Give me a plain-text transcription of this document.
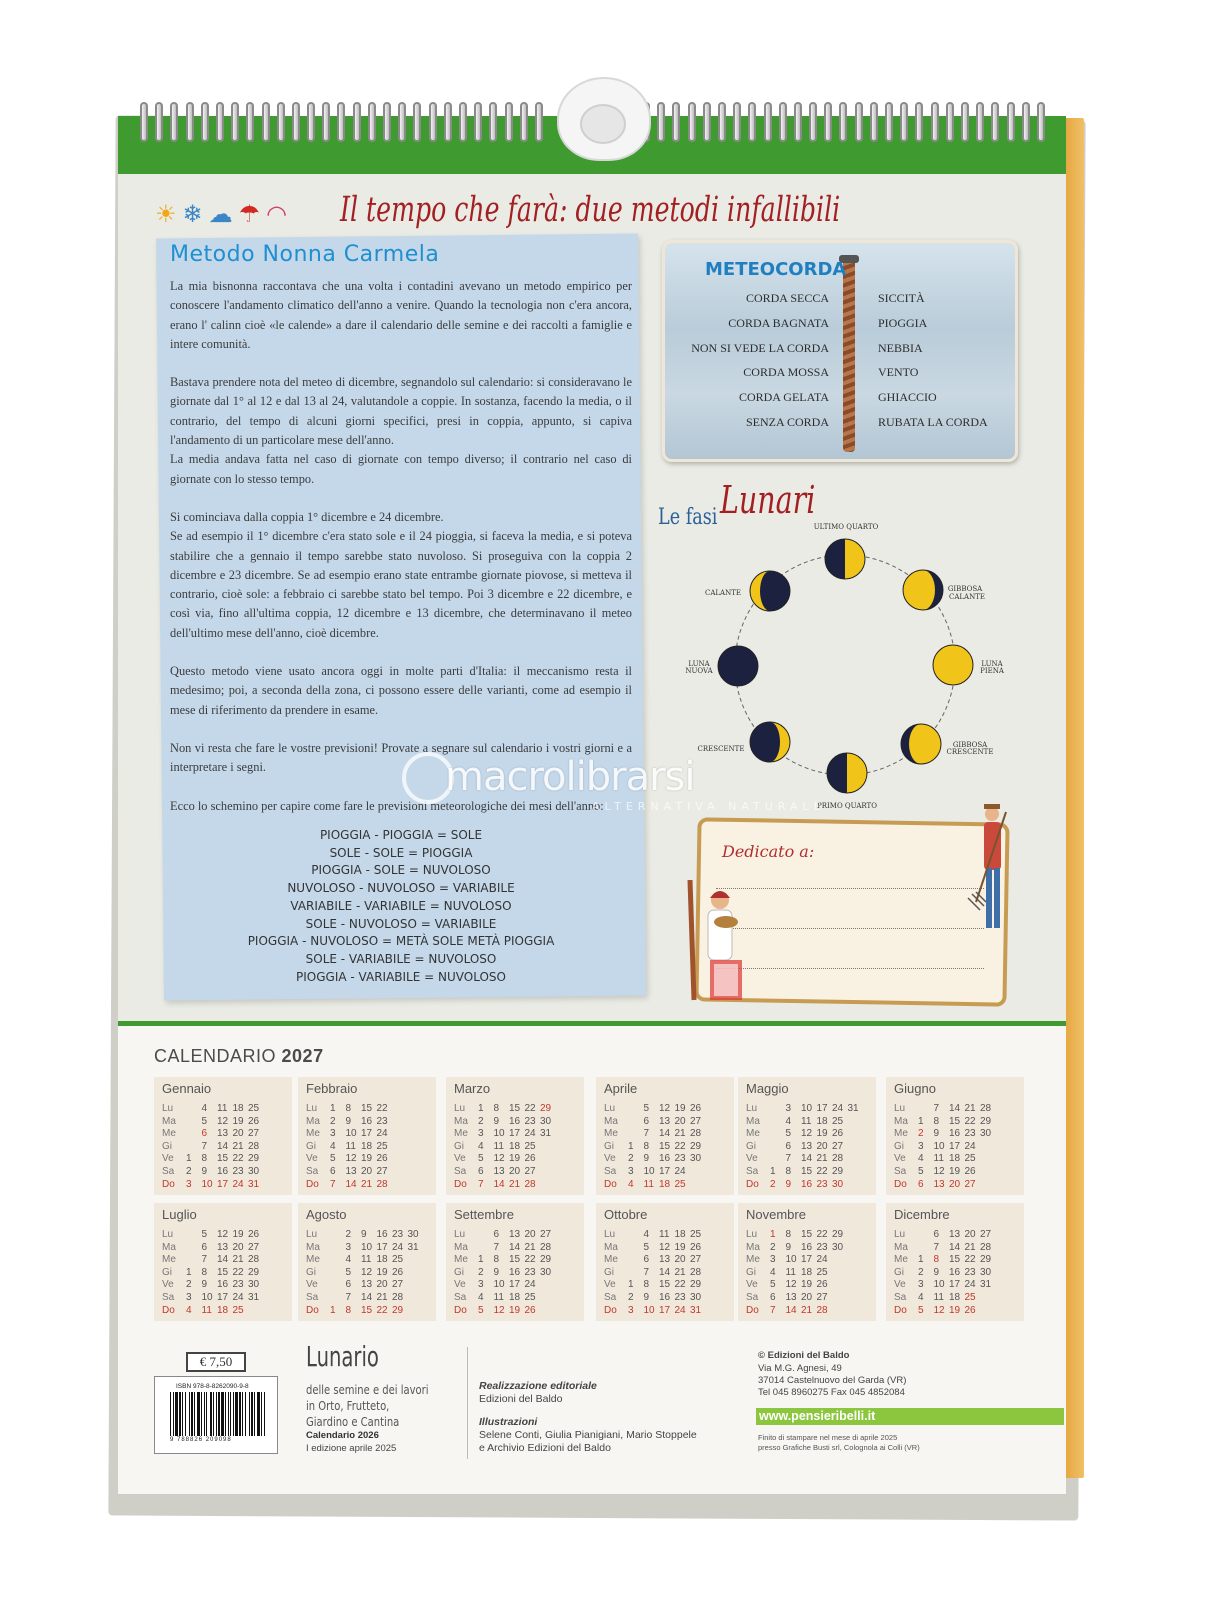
☀ ❄ ☁ ☂ ◠ Il tempo che farà: due metodi infallibili
Metodo Nonna Carmela

La mia bisnonna raccontava che una volta i contadini avevano un metodo empirico per conoscere l'andamento climatico dell'anno a venire. Quando la tecnologia non c'era ancora, erano l' calinn cioè «le calende» a dare il calendario delle semine e dei raccolti a famiglie e intere comunità.

Bastava prendere nota del meteo di dicembre, segnandolo sul calendario: si consideravano le giornate dal 1° al 12 e dal 13 al 24, valutandole a coppie. In sostanza, facendo la media, o il contrario, del tempo di alcuni giorni specifici, presi in coppia, appunto, si capiva l'andamento di un particolare mese dell'anno.

La media andava fatta nel caso di giornate con tempo diverso; il contrario nel caso di giornate con lo stesso tempo.

Si cominciava dalla coppia 1° dicembre e 24 dicembre.

Se ad esempio il 1° dicembre c'era stato sole e il 24 pioggia, si faceva la media, e si poteva stabilire che a gennaio il tempo sarebbe stato nuvoloso. Si proseguiva con la coppia 2 dicembre e 23 dicembre. Se ad esempio erano state entrambe giornate piovose, si metteva il contrario, cioè sole: a febbraio ci sarebbe stato bel tempo. Poi 3 dicembre e 22 dicembre, e così via, fino all'ultima coppia, 12 dicembre e 13 dicembre, che determinavano il meteo dell'ultimo mese dell'anno, cioè dicembre.

Questo metodo viene usato ancora oggi in molte parti d'Italia: il meccanismo resta il medesimo; poi, a seconda della zona, ci possono essere delle varianti, come ad esempio il mese di riferimento da prendere in esame.

Non vi resta che fare le vostre previsioni! Provate a segnare sul calendario i vostri giorni e a interpretare i segni.

Ecco lo schemino per capire come fare le previsioni meteorologiche dei mesi dell'anno:

PIOGGIA - PIOGGIA = SOLE
SOLE - SOLE = PIOGGIA
PIOGGIA - SOLE = NUVOLOSO
NUVOLOSO - NUVOLOSO = VARIABILE
VARIABILE - VARIABILE = NUVOLOSO
SOLE - NUVOLOSO = VARIABILE
PIOGGIA - NUVOLOSO = METÀ SOLE METÀ PIOGGIA
SOLE - VARIABILE = NUVOLOSO
PIOGGIA - VARIABILE = NUVOLOSO
METEOCORDA
CORDA SECCA	SICCITÀ
CORDA BAGNATA	PIOGGIA
NON SI VEDE LA CORDA	NEBBIA
CORDA MOSSA	VENTO
CORDA GELATA	GHIACCIO
SENZA CORDA	RUBATA LA CORDA
Le fasi Lunari
ULTIMO QUARTO
GIBBOSA
CALANTE
LUNA
PIENA
GIBBOSA
CRESCENTE
PRIMO QUARTO
CRESCENTE
LUNA
NUOVA
CALANTE
Dedicato a:
macrolibrarsi
ALTERNATIVA NATURALE
CALENDARIO 2027
Gennaio
Lu	4 11 18 25
Ma	5 12 19 26
Me	6 13 20 27
Gi	7 14 21 28
Ve	1 8 15 22 29
Sa	2 9 16 23 30
Do	3 10 17 24 31
Febbraio
Lu	1 8 15 22
Ma	2 9 16 23
Me	3 10 17 24
Gi	4 11 18 25
Ve	5 12 19 26
Sa	6 13 20 27
Do	7 14 21 28
Marzo
Lu	1 8 15 22 29
Ma	2 9 16 23 30
Me	3 10 17 24 31
Gi	4 11 18 25
Ve	5 12 19 26
Sa	6 13 20 27
Do	7 14 21 28
Aprile
Lu	5 12 19 26
Ma	6 13 20 27
Me	7 14 21 28
Gi	1 8 15 22 29
Ve	2 9 16 23 30
Sa	3 10 17 24
Do	4 11 18 25
Maggio
Lu	3 10 17 24 31
Ma	4 11 18 25
Me	5 12 19 26
Gi	6 13 20 27
Ve	7 14 21 28
Sa	1 8 15 22 29
Do	2 9 16 23 30
Giugno
Lu	7 14 21 28
Ma	1 8 15 22 29
Me	2 9 16 23 30
Gi	3 10 17 24
Ve	4 11 18 25
Sa	5 12 19 26
Do	6 13 20 27
Luglio
Lu	5 12 19 26
Ma	6 13 20 27
Me	7 14 21 28
Gi	1 8 15 22 29
Ve	2 9 16 23 30
Sa	3 10 17 24 31
Do	4 11 18 25
Agosto
Lu	2 9 16 23 30
Ma	3 10 17 24 31
Me	4 11 18 25
Gi	5 12 19 26
Ve	6 13 20 27
Sa	7 14 21 28
Do	1 8 15 22 29
Settembre
Lu	6 13 20 27
Ma	7 14 21 28
Me	1 8 15 22 29
Gi	2 9 16 23 30
Ve	3 10 17 24
Sa	4 11 18 25
Do	5 12 19 26
Ottobre
Lu	4 11 18 25
Ma	5 12 19 26
Me	6 13 20 27
Gi	7 14 21 28
Ve	1 8 15 22 29
Sa	2 9 16 23 30
Do	3 10 17 24 31
Novembre
Lu	1 8 15 22 29
Ma	2 9 16 23 30
Me	3 10 17 24
Gi	4 11 18 25
Ve	5 12 19 26
Sa	6 13 20 27
Do	7 14 21 28
Dicembre
Lu	6 13 20 27
Ma	7 14 21 28
Me	1 8 15 22 29
Gi	2 9 16 23 30
Ve	3 10 17 24 31
Sa	4 11 18 25
Do	5 12 19 26
€ 7,50
ISBN 978-8-8262090-9-8
9 788826 209098
Lunario
delle semine e dei lavori in Orto, Frutteto, Giardino e Cantina
Calendario 2026
I edizione aprile 2025
Realizzazione editoriale
Edizioni del Baldo
Illustrazioni
Selene Conti, Giulia Pianigiani, Mario Stoppele
e Archivio Edizioni del Baldo
© Edizioni del Baldo
Via M.G. Agnesi, 49
37014 Castelnuovo del Garda (VR)
Tel 045 8960275 Fax 045 4852084
www.pensieribelli.it
Finito di stampare nel mese di aprile 2025
presso Grafiche Busti srl, Colognola ai Colli (VR)
